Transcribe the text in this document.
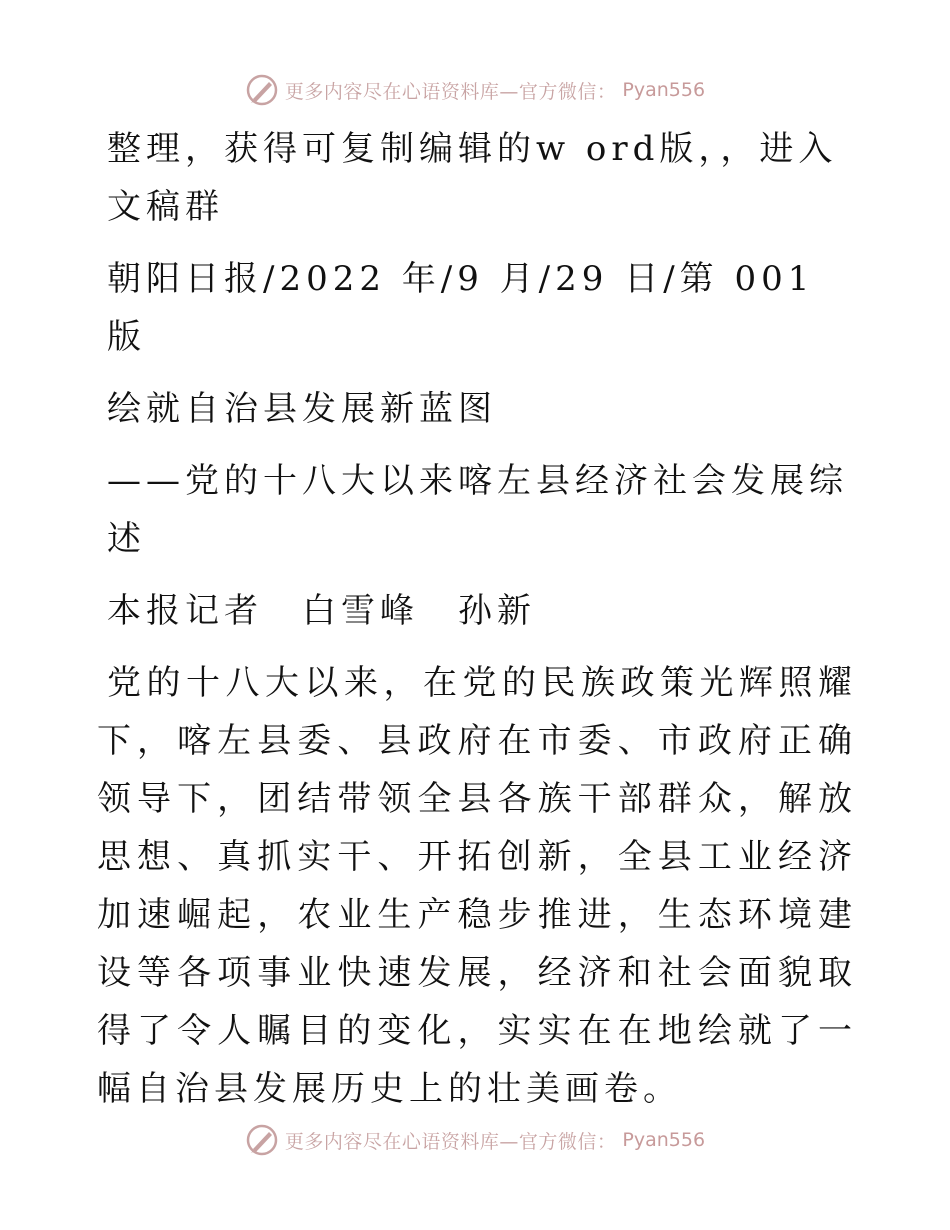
更多内容尽在心语资料库—官方微信： Pyan556

整理，获得可复制编辑的w ord版，，进入文稿群

朝阳日报/2022 年/9 月/29 日/第 001 版

绘就自治县发展新蓝图

——党的十八大以来喀左县经济社会发展综述

本报记者　白雪峰　孙新

党的十八大以来，在党的民族政策光辉照耀下，喀左县委、县政府在市委、市政府正确领导下，团结带领全县各族干部群众，解放思想、真抓实干、开拓创新，全县工业经济加速崛起，农业生产稳步推进，生态环境建设等各项事业快速发展，经济和社会面貌取得了令人瞩目的变化，实实在在地绘就了一幅自治县发展历史上的壮美画卷。

更多内容尽在心语资料库—官方微信： Pyan556
